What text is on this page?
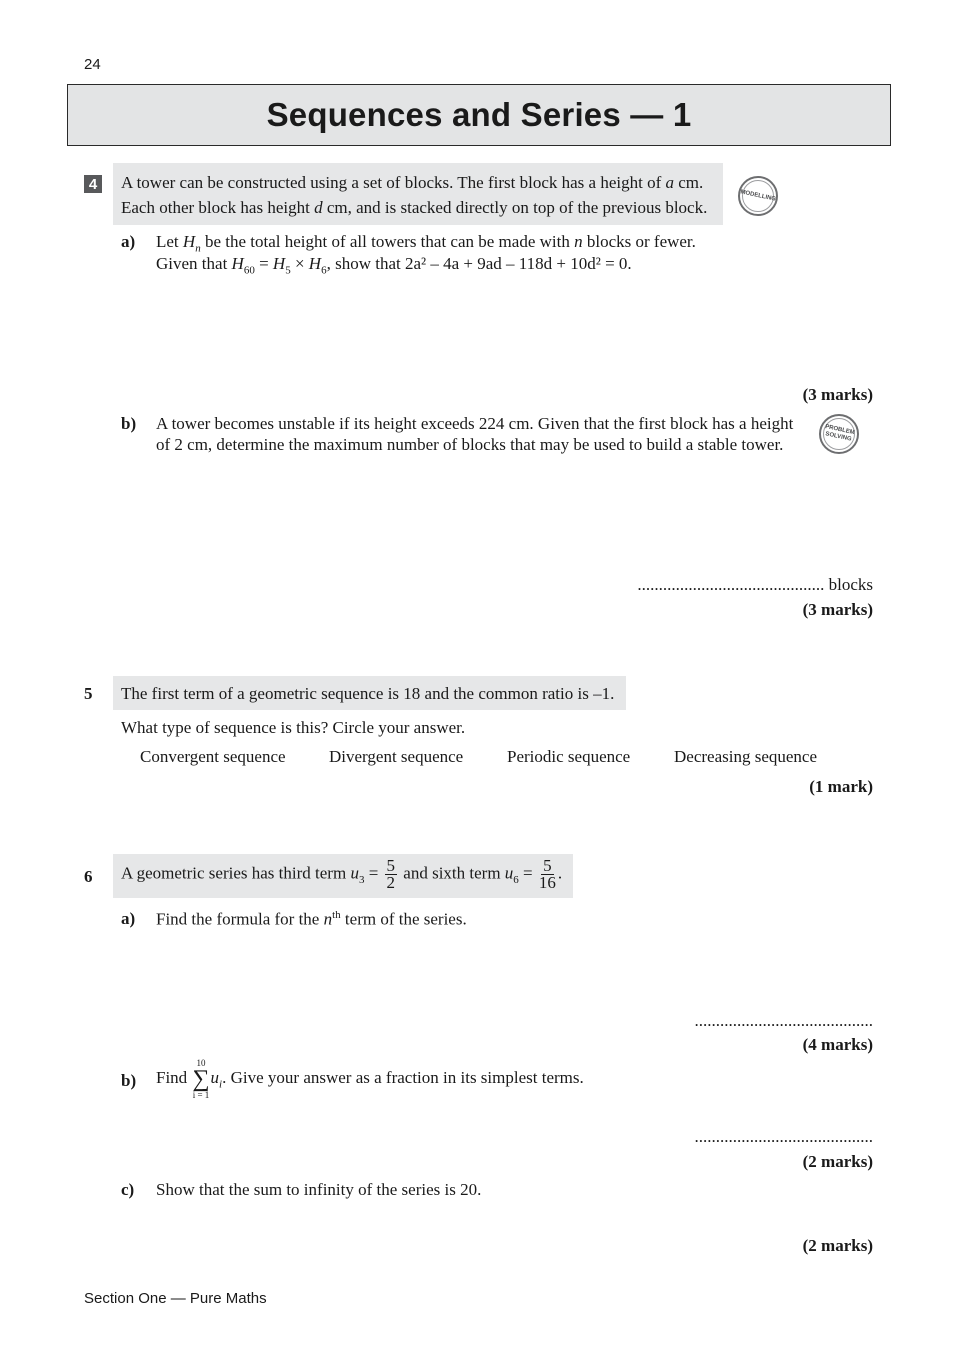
24
Sequences and Series — 1
4 A tower can be constructed using a set of blocks. The first block has a height of a cm.
Each other block has height d cm, and is stacked directly on top of the previous block.
MODELLING
a) Let $H_n$ be the total height of all towers that can be made with n blocks or fewer.
Given that $H_{60} = H_5 \times H_6$, show that 2a² – 4a + 9ad – 118d + 10d² = 0.
(3 marks)
b) A tower becomes unstable if its height exceeds 224 cm. Given that the first block has a height
of 2 cm, determine the maximum number of blocks that may be used to build a stable tower.
PROBLEM SOLVING
............................................ blocks
(3 marks)
5 The first term of a geometric sequence is 18 and the common ratio is –1.
What type of sequence is this? Circle your answer.
Convergent sequence	Divergent sequence	Periodic sequence	Decreasing sequence
(1 mark)
6 A geometric series has third term $u_3 = \frac{5}{2}$ and sixth term $u_6 = \frac{5}{16}$ .
a) Find the formula for the $n^{th}$ term of the series.
..........................................
(4 marks)
b) Find
10
∑
i = 1
$u_i$. Give your answer as a fraction in its simplest terms.
..........................................
(2 marks)
c) Show that the sum to infinity of the series is 20.
(2 marks)
Section One — Pure Maths
